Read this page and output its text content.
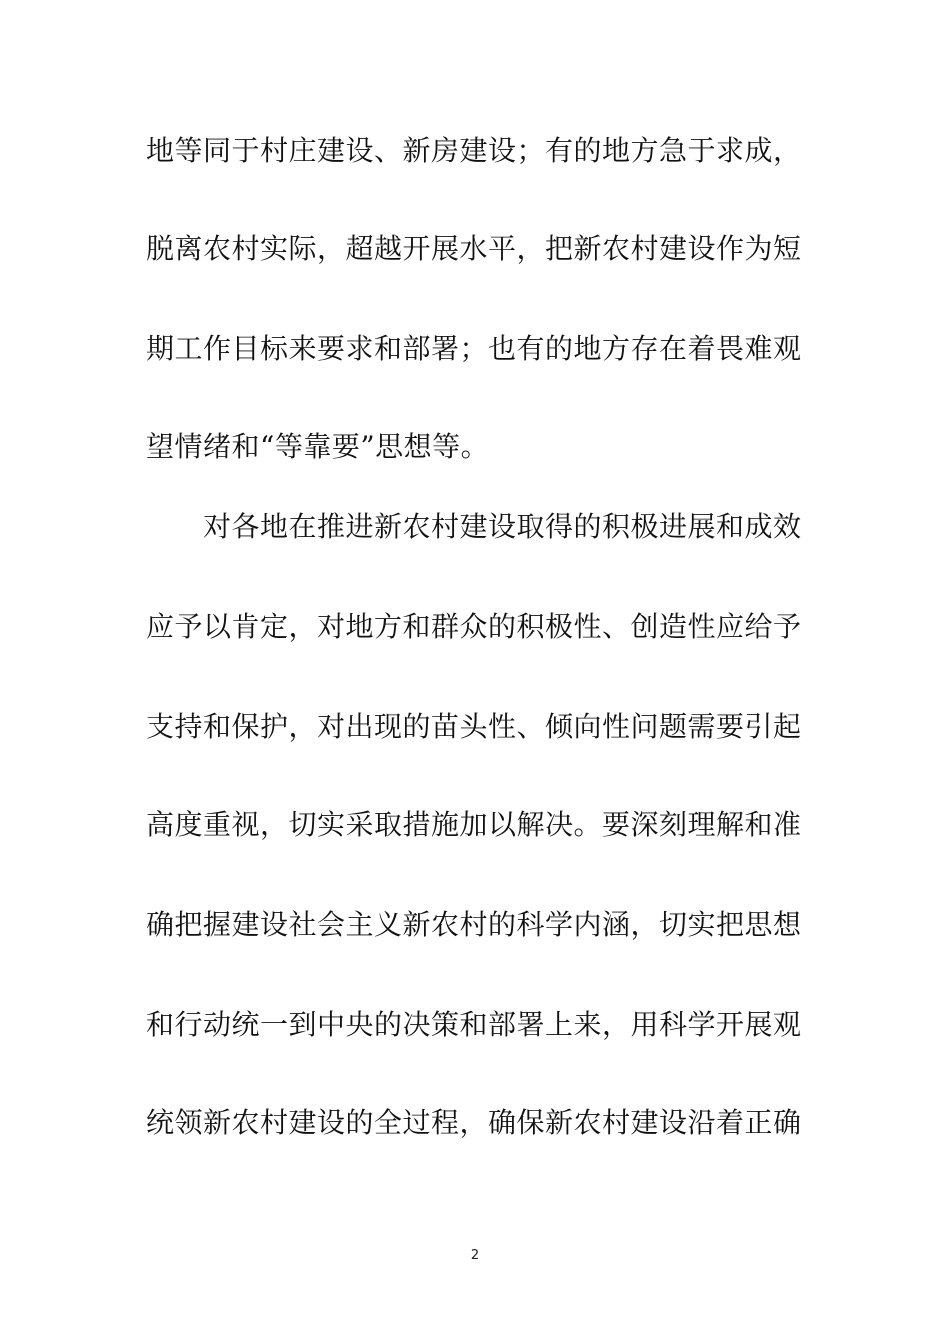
地等同于村庄建设、新房建设；有的地方急于求成，
脱离农村实际，超越开展水平，把新农村建设作为短
期工作目标来要求和部署；也有的地方存在着畏难观
望情绪和“等靠要”思想等。
对各地在推进新农村建设取得的积极进展和成效
应予以肯定，对地方和群众的积极性、创造性应给予
支持和保护，对出现的苗头性、倾向性问题需要引起
高度重视，切实采取措施加以解决。要深刻理解和准
确把握建设社会主义新农村的科学内涵，切实把思想
和行动统一到中央的决策和部署上来，用科学开展观
统领新农村建设的全过程，确保新农村建设沿着正确
2
